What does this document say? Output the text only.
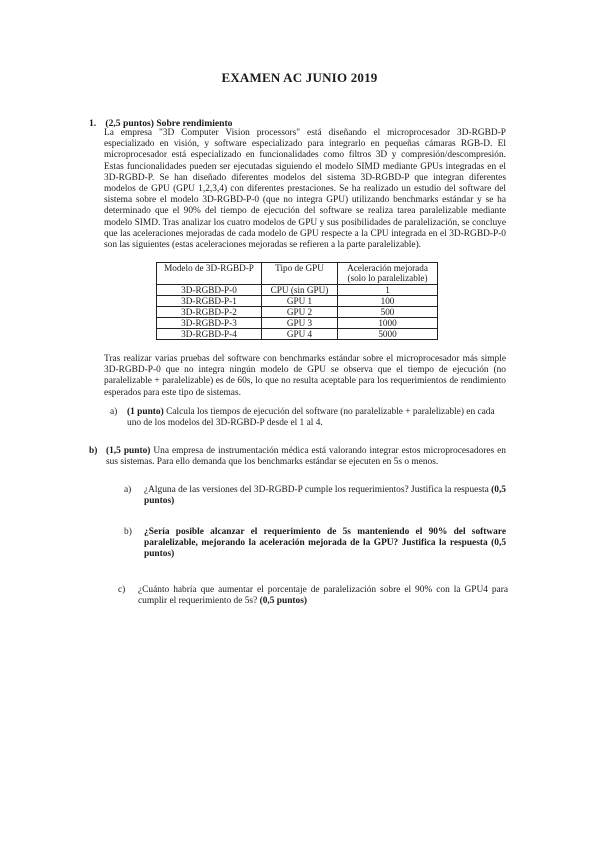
EXAMEN AC JUNIO 2019
1. (2,5 puntos) Sobre rendimiento
La empresa "3D Computer Vision processors" está diseñando el microprocesador 3D-RGBD-P especializado en visión, y software especializado para integrarlo en pequeñas cámaras RGB-D. El microprocesador está especializado en funcionalidades como filtros 3D y compresión/descompresión. Estas funcionalidades pueden ser ejecutadas siguiendo el modelo SIMD mediante GPUs integradas en el 3D-RGBD-P. Se han diseñado diferentes modelos del sistema 3D-RGBD-P que integran diferentes modelos de GPU (GPU 1,2,3,4) con diferentes prestaciones. Se ha realizado un estudio del software del sistema sobre el modelo 3D-RGBD-P-0 (que no integra GPU) utilizando benchmarks estándar y se ha determinado que el 90% del tiempo de ejecución del software se realiza tarea paralelizable mediante modelo SIMD. Tras analizar los cuatro modelos de GPU y sus posibilidades de paralelización, se concluye que las aceleraciones mejoradas de cada modelo de GPU respecte a la CPU integrada en el 3D-RGBD-P-0 son las siguientes (estas aceleraciones mejoradas se refieren a la parte paralelizable).
Modelo de 3D-RGBD-P	Tipo de GPU	Aceleración mejorada (solo lo paralelizable)
3D-RGBD-P-0	CPU (sin GPU)	1
3D-RGBD-P-1	GPU 1	100
3D-RGBD-P-2	GPU 2	500
3D-RGBD-P-3	GPU 3	1000
3D-RGBD-P-4	GPU 4	5000
Tras realizar varias pruebas del software con benchmarks estándar sobre el microprocesador más simple 3D-RGBD-P-0 que no integra ningún modelo de GPU se observa que el tiempo de ejecución (no paralelizable + paralelizable) es de 60s, lo que no resulta aceptable para los requerimientos de rendimiento esperados para este tipo de sistemas.
a) (1 punto) Calcula los tiempos de ejecución del software (no paralelizable + paralelizable) en cada uno de los modelos del 3D-RGBD-P desde el 1 al 4.
b) (1,5 punto) Una empresa de instrumentación médica está valorando integrar estos microprocesadores en sus sistemas. Para ello demanda que los benchmarks estándar se ejecuten en 5s o menos.
a) ¿Alguna de las versiones del 3D-RGBD-P cumple los requerimientos? Justifica la respuesta (0,5 puntos)
b) ¿Sería posible alcanzar el requerimiento de 5s manteniendo el 90% del software paralelizable, mejorando la aceleración mejorada de la GPU? Justifica la respuesta (0,5 puntos)
c) ¿Cuánto habría que aumentar el porcentaje de paralelización sobre el 90% con la GPU4 para cumplir el requerimiento de 5s? (0,5 puntos)
